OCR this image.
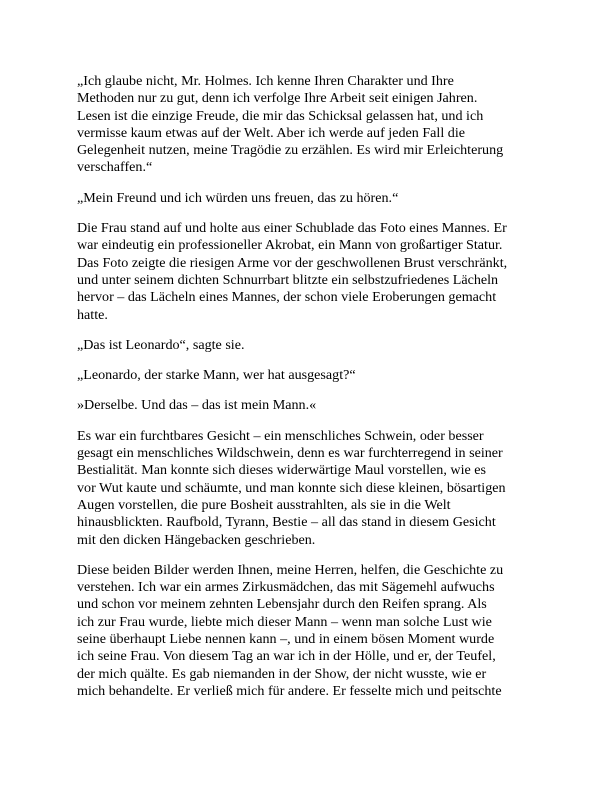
„Ich glaube nicht, Mr. Holmes. Ich kenne Ihren Charakter und Ihre
Methoden nur zu gut, denn ich verfolge Ihre Arbeit seit einigen Jahren.
Lesen ist die einzige Freude, die mir das Schicksal gelassen hat, und ich
vermisse kaum etwas auf der Welt. Aber ich werde auf jeden Fall die
Gelegenheit nutzen, meine Tragödie zu erzählen. Es wird mir Erleichterung
verschaffen.“

„Mein Freund und ich würden uns freuen, das zu hören.“

Die Frau stand auf und holte aus einer Schublade das Foto eines Mannes. Er
war eindeutig ein professioneller Akrobat, ein Mann von großartiger Statur.
Das Foto zeigte die riesigen Arme vor der geschwollenen Brust verschränkt,
und unter seinem dichten Schnurrbart blitzte ein selbstzufriedenes Lächeln
hervor – das Lächeln eines Mannes, der schon viele Eroberungen gemacht
hatte.

„Das ist Leonardo“, sagte sie.

„Leonardo, der starke Mann, wer hat ausgesagt?“

»Derselbe. Und das – das ist mein Mann.«

Es war ein furchtbares Gesicht – ein menschliches Schwein, oder besser
gesagt ein menschliches Wildschwein, denn es war furchterregend in seiner
Bestialität. Man konnte sich dieses widerwärtige Maul vorstellen, wie es
vor Wut kaute und schäumte, und man konnte sich diese kleinen, bösartigen
Augen vorstellen, die pure Bosheit ausstrahlten, als sie in die Welt
hinausblickten. Raufbold, Tyrann, Bestie – all das stand in diesem Gesicht
mit den dicken Hängebacken geschrieben.

Diese beiden Bilder werden Ihnen, meine Herren, helfen, die Geschichte zu
verstehen. Ich war ein armes Zirkusmädchen, das mit Sägemehl aufwuchs
und schon vor meinem zehnten Lebensjahr durch den Reifen sprang. Als
ich zur Frau wurde, liebte mich dieser Mann – wenn man solche Lust wie
seine überhaupt Liebe nennen kann –, und in einem bösen Moment wurde
ich seine Frau. Von diesem Tag an war ich in der Hölle, und er, der Teufel,
der mich quälte. Es gab niemanden in der Show, der nicht wusste, wie er
mich behandelte. Er verließ mich für andere. Er fesselte mich und peitschte
